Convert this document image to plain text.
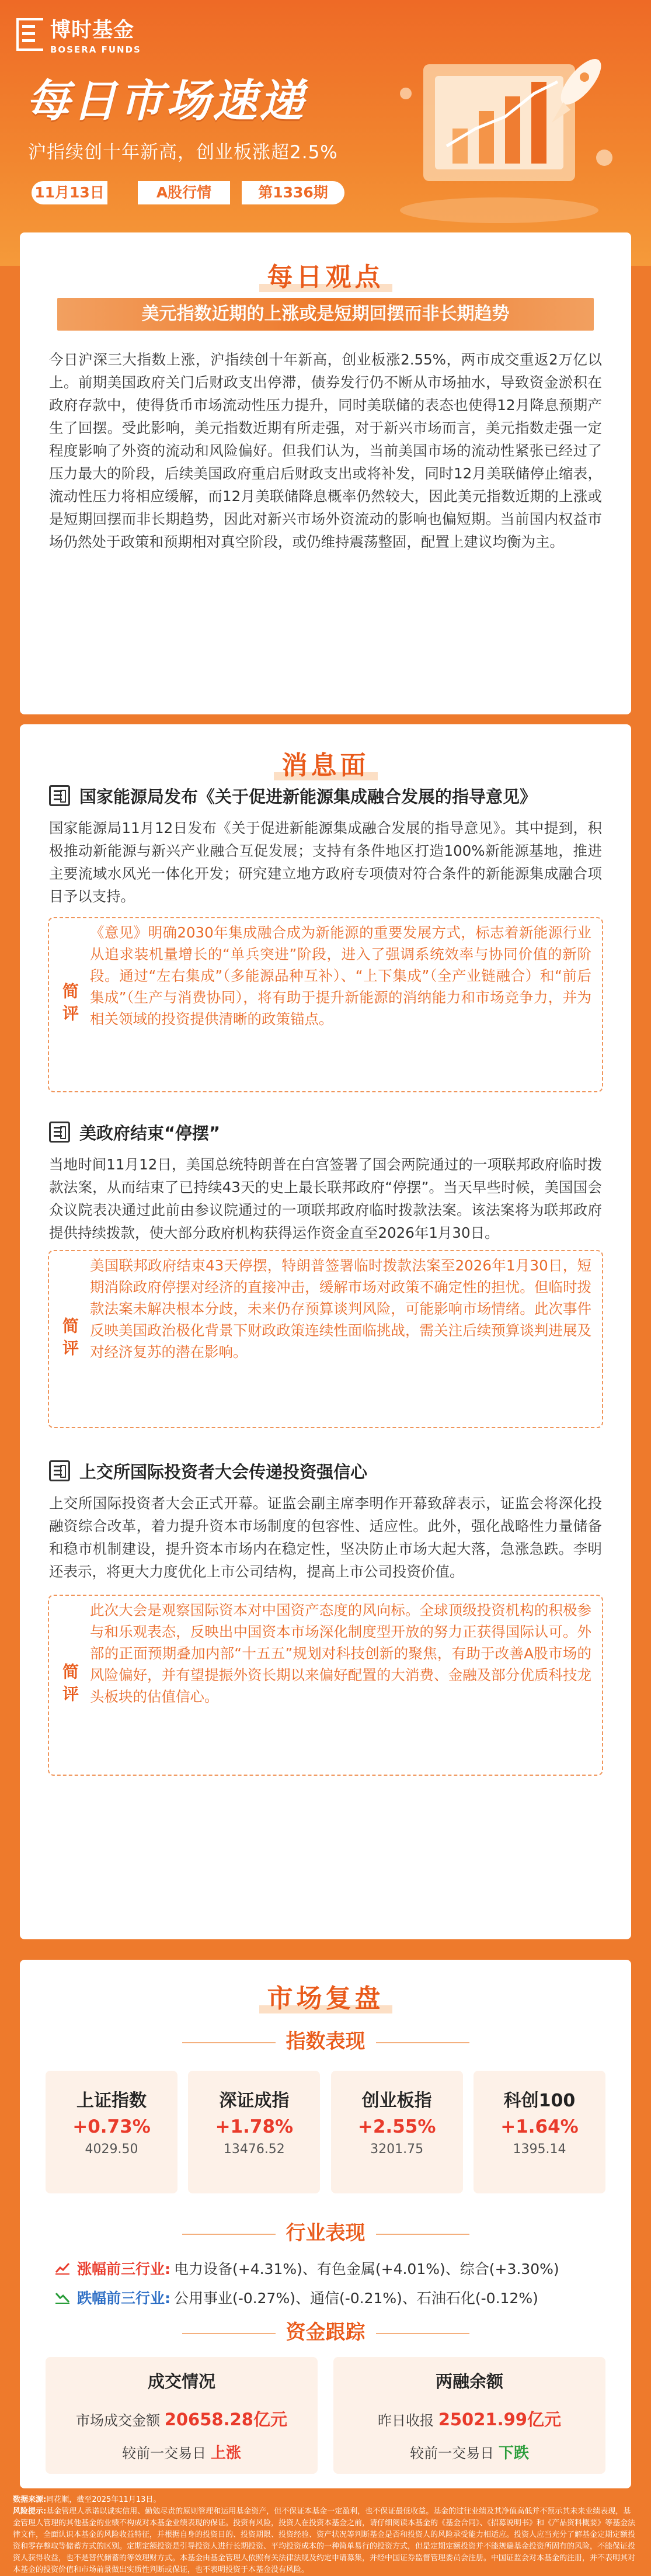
博时基金
BOSERA FUNDS
每日市场速递
沪指续创十年新高，创业板涨超2.5%
11月13日	A股行情	第1336期
每日观点
美元指数近期的上涨或是短期回摆而非长期趋势
今日沪深三大指数上涨，沪指续创十年新高，创业板涨2.55%，两市成交重返2万亿以上。前期美国政府关门后财政支出停滞，债券发行仍不断从市场抽水，导致资金淤积在政府存款中，使得货币市场流动性压力提升，同时美联储的表态也使得12月降息预期产生了回摆。受此影响，美元指数近期有所走强，对于新兴市场而言，美元指数走强一定程度影响了外资的流动和风险偏好。但我们认为，当前美国市场的流动性紧张已经过了压力最大的阶段，后续美国政府重启后财政支出或将补发，同时12月美联储停止缩表，流动性压力将相应缓解，而12月美联储降息概率仍然较大，因此美元指数近期的上涨或是短期回摆而非长期趋势，因此对新兴市场外资流动的影响也偏短期。当前国内权益市场仍然处于政策和预期相对真空阶段，或仍维持震荡整固，配置上建议均衡为主。
消息面
国家能源局发布《关于促进新能源集成融合发展的指导意见》
国家能源局11月12日发布《关于促进新能源集成融合发展的指导意见》。其中提到，积极推动新能源与新兴产业融合互促发展；支持有条件地区打造100%新能源基地，推进主要流域水风光一体化开发；研究建立地方政府专项债对符合条件的新能源集成融合项目予以支持。
简评
《意见》明确2030年集成融合成为新能源的重要发展方式，标志着新能源行业从追求装机量增长的“单兵突进”阶段，进入了强调系统效率与协同价值的新阶段。通过“左右集成”（多能源品种互补）、“上下集成”（全产业链融合）和“前后集成”（生产与消费协同），将有助于提升新能源的消纳能力和市场竞争力，并为相关领域的投资提供清晰的政策锚点。
美政府结束“停摆”
当地时间11月12日，美国总统特朗普在白宫签署了国会两院通过的一项联邦政府临时拨款法案，从而结束了已持续43天的史上最长联邦政府“停摆”。当天早些时候，美国国会众议院表决通过此前由参议院通过的一项联邦政府临时拨款法案。该法案将为联邦政府提供持续拨款，使大部分政府机构获得运作资金直至2026年1月30日。
简评
美国联邦政府结束43天停摆，特朗普签署临时拨款法案至2026年1月30日，短期消除政府停摆对经济的直接冲击，缓解市场对政策不确定性的担忧。但临时拨款法案未解决根本分歧，未来仍存预算谈判风险，可能影响市场情绪。此次事件反映美国政治极化背景下财政政策连续性面临挑战，需关注后续预算谈判进展及对经济复苏的潜在影响。
上交所国际投资者大会传递投资强信心
上交所国际投资者大会正式开幕。证监会副主席李明作开幕致辞表示，证监会将深化投融资综合改革，着力提升资本市场制度的包容性、适应性。此外，强化战略性力量储备和稳市机制建设，提升资本市场内在稳定性，坚决防止市场大起大落，急涨急跌。李明还表示，将更大力度优化上市公司结构，提高上市公司投资价值。
简评
此次大会是观察国际资本对中国资产态度的风向标。全球顶级投资机构的积极参与和乐观表态，反映出中国资本市场深化制度型开放的努力正获得国际认可。外部的正面预期叠加内部“十五五”规划对科技创新的聚焦，有助于改善A股市场的风险偏好，并有望提振外资长期以来偏好配置的大消费、金融及部分优质科技龙头板块的估值信心。
市场复盘
指数表现
上证指数
+0.73%
4029.50
深证成指
+1.78%
13476.52
创业板指
+2.55%
3201.75
科创100
+1.64%
1395.14
行业表现
涨幅前三行业: 电力设备(+4.31%)、有色金属(+4.01%)、综合(+3.30%)
跌幅前三行业: 公用事业(-0.27%)、通信(-0.21%)、石油石化(-0.12%)
资金跟踪
成交情况
市场成交金额 20658.28亿元
较前一交易日 上涨
两融余额
昨日收报 25021.99亿元
较前一交易日 下跌
数据来源:同花顺，截至2025年11月13日。
风险提示:基金管理人承诺以诚实信用、勤勉尽责的原则管理和运用基金资产，但不保证本基金一定盈利，也不保证最低收益。基金的过往业绩及其净值高低并不预示其未来业绩表现，基金管理人管理的其他基金的业绩不构成对本基金业绩表现的保证。投资有风险，投资人在投资本基金之前，请仔细阅读本基金的《基金合同》、《招募说明书》和《产品资料概要》等基金法律文件，全面认识本基金的风险收益特征，并根据自身的投资目的、投资期限、投资经验、资产状况等判断基金是否和投资人的风险承受能力相适应。投资人应当充分了解基金定期定额投资和零存整取等储蓄方式的区别。定期定额投资是引导投资人进行长期投资、平均投资成本的一种简单易行的投资方式，但是定期定额投资并不能规避基金投资所固有的风险，不能保证投资人获得收益，也不是替代储蓄的等效理财方式。本基金由基金管理人依照有关法律法规及约定申请募集，并经中国证券监督管理委员会注册。中国证监会对本基金的注册，并不表明其对本基金的投资价值和市场前景做出实质性判断或保证，也不表明投资于本基金没有风险。
